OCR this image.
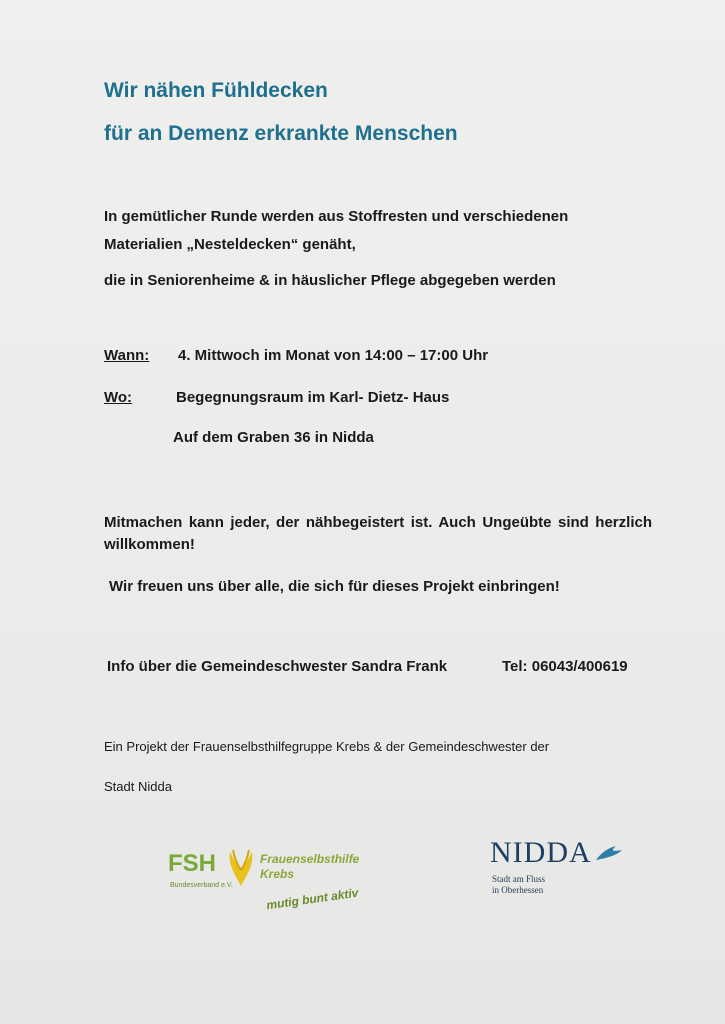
Wir nähen Fühldecken
für an Demenz erkrankte Menschen
In gemütlicher Runde werden aus Stoffresten und verschiedenen
Materialien „Nesteldecken“ genäht,
die in Seniorenheime & in häuslicher Pflege abgegeben werden
Wann: 4. Mittwoch im Monat von 14:00 – 17:00 Uhr
Wo:	Begegnungsraum im Karl- Dietz- Haus
Auf dem Graben 36 in Nidda
Mitmachen kann jeder, der nähbegeistert ist. Auch Ungeübte sind herzlich willkommen!
Wir freuen uns über alle, die sich für dieses Projekt einbringen!
Info über die Gemeindeschwester Sandra Frank	Tel: 06043/400619
Ein Projekt der Frauenselbsthilfegruppe Krebs & der Gemeindeschwester der
Stadt Nidda
FSH
Bundesverband e.V.
Frauenselbsthilfe
Krebs
mutig bunt aktiv
NIDDA
Stadt am Fluss
in Oberhessen
